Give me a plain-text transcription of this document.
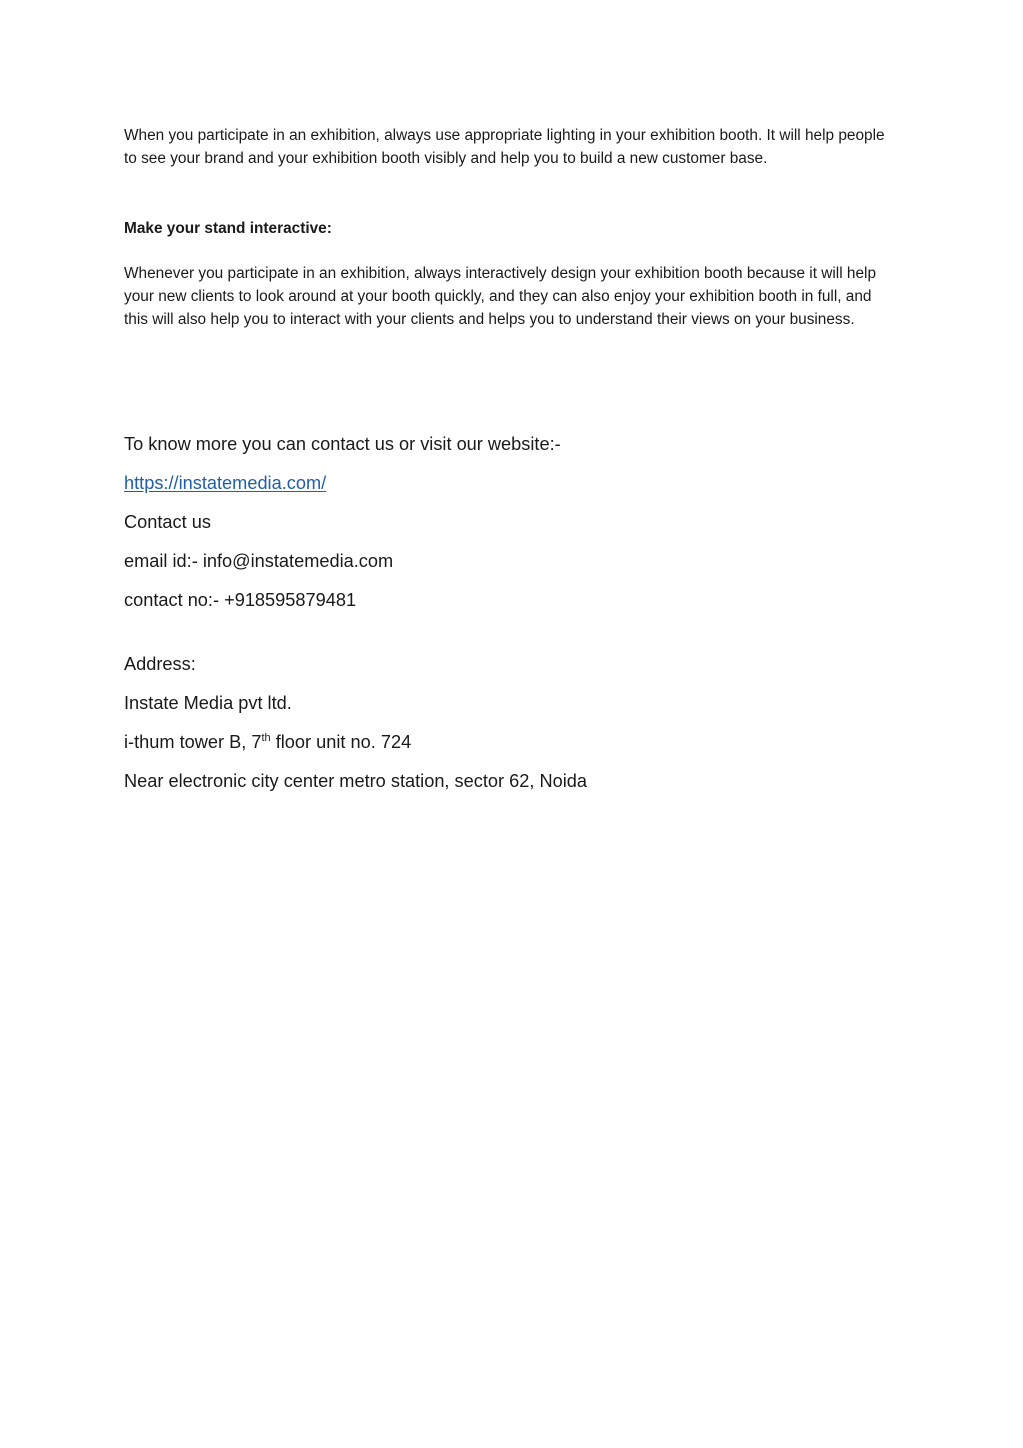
When you participate in an exhibition, always use appropriate lighting in your exhibition booth. It will help people to see your brand and your exhibition booth visibly and help you to build a new customer base.

Make your stand interactive:

Whenever you participate in an exhibition, always interactively design your exhibition booth because it will help your new clients to look around at your booth quickly, and they can also enjoy your exhibition booth in full, and this will also help you to interact with your clients and helps you to understand their views on your business.

To know more you can contact us or visit our website:-

https://instatemedia.com/

Contact us

email id:- info@instatemedia.com

contact no:- +918595879481

Address:

Instate Media pvt ltd.

i-thum tower B, 7th floor unit no. 724

Near electronic city center metro station, sector 62, Noida
